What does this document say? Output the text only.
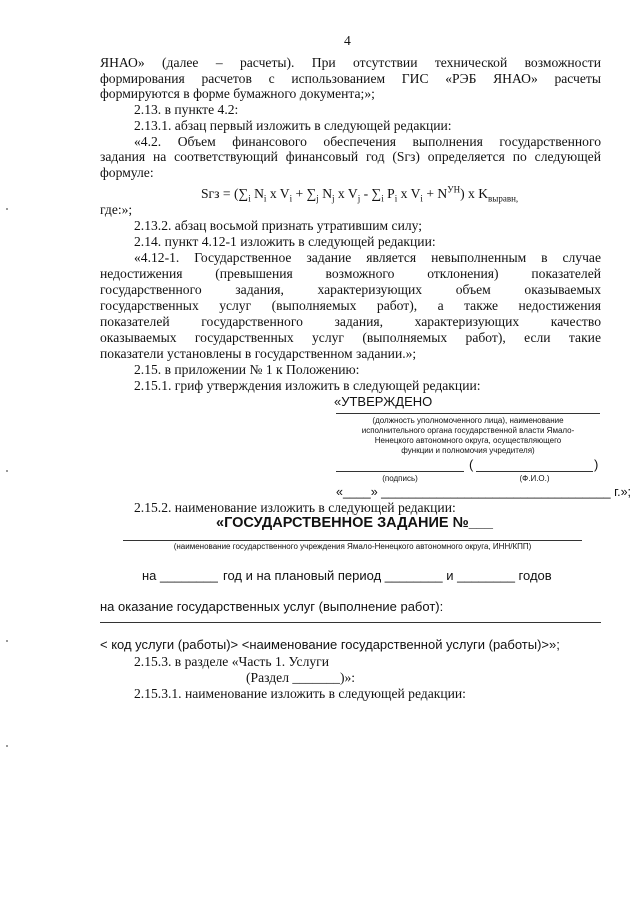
4
ЯНАО» (далее – расчеты). При отсутствии технической возможности
формирования расчетов с использованием ГИС «РЭБ ЯНАО» расчеты
формируются в форме бумажного документа;»;
2.13. в пункте 4.2:
2.13.1. абзац первый изложить в следующей редакции:
«4.2. Объем финансового обеспечения выполнения государственного
задания на соответствующий финансовый год (Sгз) определяется по следующей
формуле:
Sгз = ($\sum_i$ $N_i$ x $V_i + \sum_j$ $N_j$ x $V_j - \sum_i$ $P_i$ x $V_i + N^{УН}$) x $K_{выравн,}$
где:»;
2.13.2. абзац восьмой признать утратившим силу;
2.14. пункт 4.12-1 изложить в следующей редакции:
«4.12-1. Государственное задание является невыполненным в случае
недостижения (превышения возможного отклонения) показателей
государственного задания, характеризующих объем оказываемых
государственных услуг (выполняемых работ), а также недостижения
показателей государственного задания, характеризующих качество
оказываемых государственных услуг (выполняемых работ), если такие
показатели установлены в государственном задании.»;
2.15. в приложении № 1 к Положению:
2.15.1. гриф утверждения изложить в следующей редакции:
«УТВЕРЖДЕНО
(должность уполномоченного лица), наименование
исполнительного органа государственной власти Ямало-
Ненецкого автономного округа, осуществляющего
функции и полномочия учредителя)
(	)
(подпись)	(Ф.И.О.)
«____» _________________________________ г.»;
2.15.2. наименование изложить в следующей редакции:
«ГОСУДАРСТВЕННОЕ ЗАДАНИЕ №___
(наименование государственного учреждения Ямало-Ненецкого автономного округа, ИНН/КПП)
на ________ год и на плановый период ________ и ________ годов
на оказание государственных услуг (выполнение работ):
< код услуги (работы)> <наименование государственной услуги (работы)>»;
2.15.3. в разделе «Часть 1. Услуги
(Раздел _______)»:
2.15.3.1. наименование изложить в следующей редакции:
